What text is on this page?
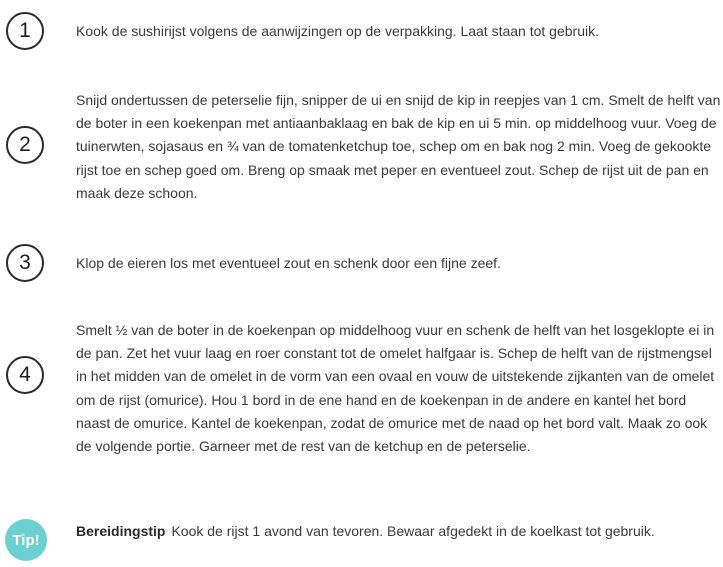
1	Kook de sushirijst volgens de aanwijzingen op de verpakking. Laat staan tot gebruik.

2

Snijd ondertussen de peterselie fijn, snipper de ui en snijd de kip in reepjes van 1 cm. Smelt de helft van de boter in een koekenpan met antiaanbaklaag en bak de kip en ui 5 min. op middelhoog vuur. Voeg de tuinerwten, sojasaus en ¾ van de tomatenketchup toe, schep om en bak nog 2 min. Voeg de gekookte rijst toe en schep goed om. Breng op smaak met peper en eventueel zout. Schep de rijst uit de pan en maak deze schoon.

3	Klop de eieren los met eventueel zout en schenk door een fijne zeef.

4

Smelt ½ van de boter in de koekenpan op middelhoog vuur en schenk de helft van het losgeklopte ei in de pan. Zet het vuur laag en roer constant tot de omelet halfgaar is. Schep de helft van de rijstmengsel in het midden van de omelet in de vorm van een ovaal en vouw de uitstekende zijkanten van de omelet om de rijst (omurice). Hou 1 bord in de ene hand en de koekenpan in de andere en kantel het bord naast de omurice. Kantel de koekenpan, zodat de omurice met de naad op het bord valt. Maak zo ook de volgende portie. Garneer met de rest van de ketchup en de peterselie.

Tip!

Bereidingstip Kook de rijst 1 avond van tevoren. Bewaar afgedekt in de koelkast tot gebruik.
